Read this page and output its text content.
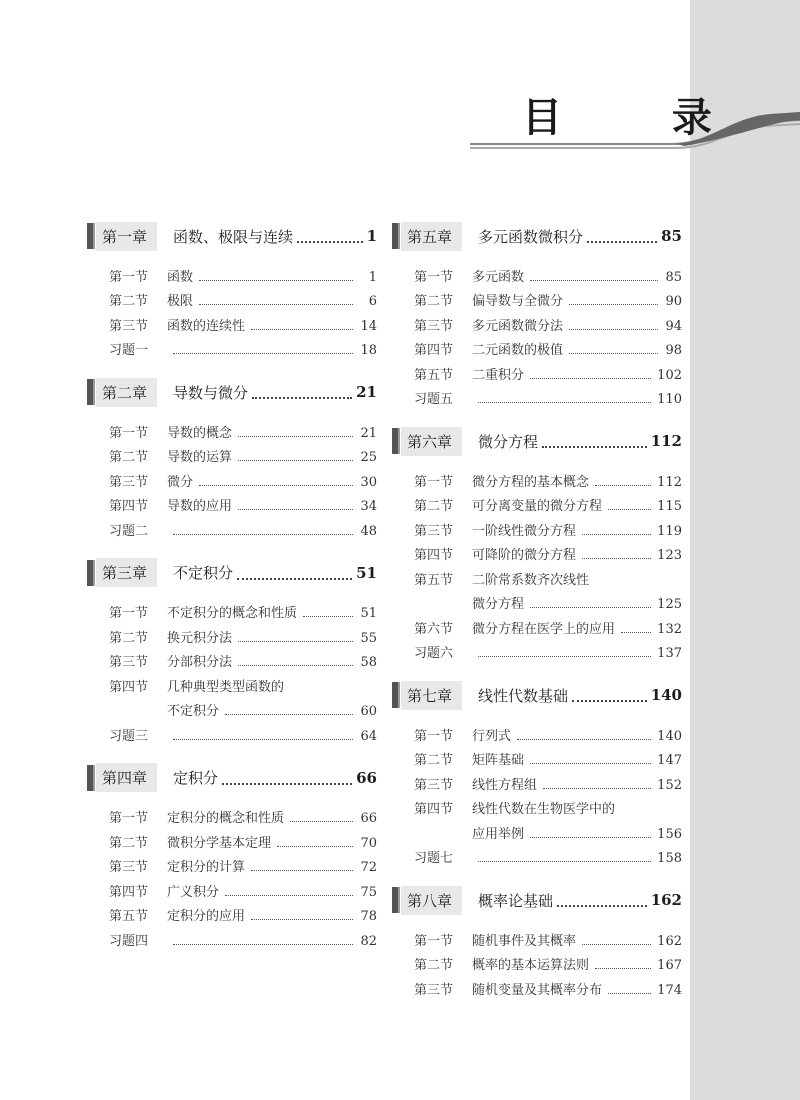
目 录
第一章	函数、极限与连续	1
第一节	函数	1
第二节	极限	6
第三节	函数的连续性	14
习题一	18
第二章	导数与微分	21
第一节	导数的概念	21
第二节	导数的运算	25
第三节	微分	30
第四节	导数的应用	34
习题二	48
第三章	不定积分	51
第一节	不定积分的概念和性质	51
第二节	换元积分法	55
第三节	分部积分法	58
第四节	几种典型类型函数的
不定积分	60
习题三	64
第四章	定积分	66
第一节	定积分的概念和性质	66
第二节	微积分学基本定理	70
第三节	定积分的计算	72
第四节	广义积分	75
第五节	定积分的应用	78
习题四	82
第五章	多元函数微积分	85
第一节	多元函数	85
第二节	偏导数与全微分	90
第三节	多元函数微分法	94
第四节	二元函数的极值	98
第五节	二重积分	102
习题五	110
第六章	微分方程	112
第一节	微分方程的基本概念	112
第二节	可分离变量的微分方程	115
第三节	一阶线性微分方程	119
第四节	可降阶的微分方程	123
第五节	二阶常系数齐次线性
微分方程	125
第六节	微分方程在医学上的应用	132
习题六	137
第七章	线性代数基础	140
第一节	行列式	140
第二节	矩阵基础	147
第三节	线性方程组	152
第四节	线性代数在生物医学中的
应用举例	156
习题七	158
第八章	概率论基础	162
第一节	随机事件及其概率	162
第二节	概率的基本运算法则	167
第三节	随机变量及其概率分布	174
